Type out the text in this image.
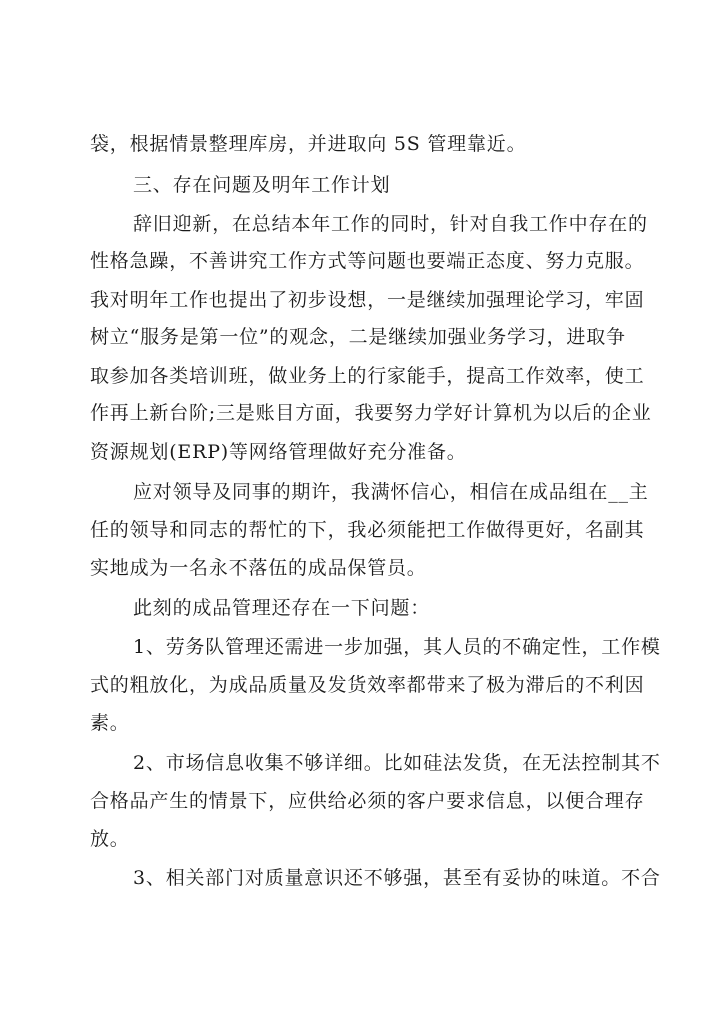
袋，根据情景整理库房，并进取向 5S 管理靠近。

三、存在问题及明年工作计划

辞旧迎新，在总结本年工作的同时，针对自我工作中存在的

性格急躁，不善讲究工作方式等问题也要端正态度、努力克服。

我对明年工作也提出了初步设想，一是继续加强理论学习，牢固

树立“服务是第一位”的观念，二是继续加强业务学习，进取争

取参加各类培训班，做业务上的行家能手，提高工作效率，使工

作再上新台阶;三是账目方面，我要努力学好计算机为以后的企业

资源规划(ERP)等网络管理做好充分准备。

应对领导及同事的期许，我满怀信心，相信在成品组在__主

任的领导和同志的帮忙的下，我必须能把工作做得更好，名副其

实地成为一名永不落伍的成品保管员。

此刻的成品管理还存在一下问题：

1、劳务队管理还需进一步加强，其人员的不确定性，工作模

式的粗放化，为成品质量及发货效率都带来了极为滞后的不利因

素。

2、市场信息收集不够详细。比如硅法发货，在无法控制其不

合格品产生的情景下，应供给必须的客户要求信息，以便合理存

放。

3、相关部门对质量意识还不够强，甚至有妥协的味道。不合
